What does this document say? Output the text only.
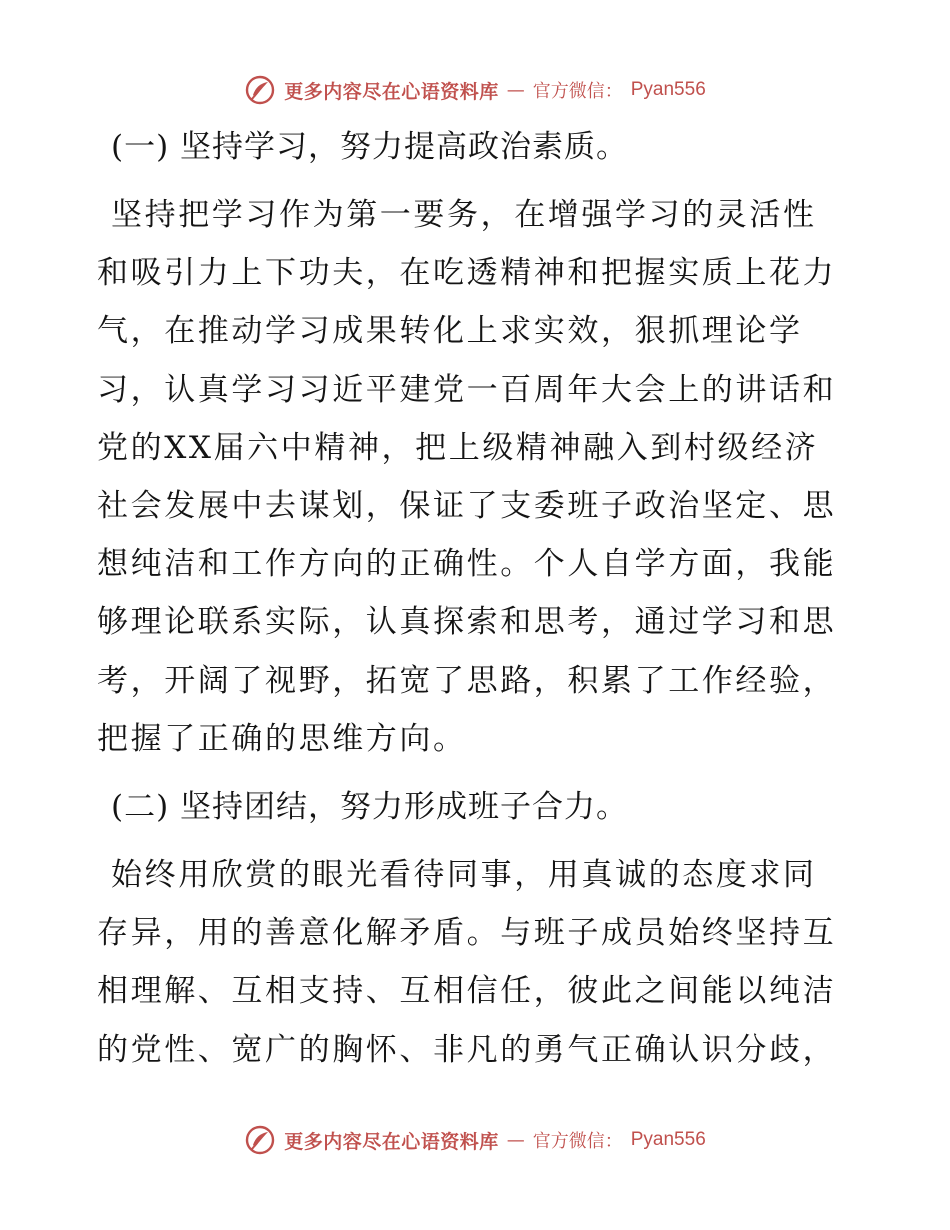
更多内容尽在心语资料库 — 官方微信： Pyan556
(一) 坚持学习，努力提高政治素质。

坚持把学习作为第一要务，在增强学习的灵活性
和吸引力上下功夫，在吃透精神和把握实质上花力
气，在推动学习成果转化上求实效，狠抓理论学
习，认真学习习近平建党一百周年大会上的讲话和
党的XX届六中精神，把上级精神融入到村级经济
社会发展中去谋划，保证了支委班子政治坚定、思
想纯洁和工作方向的正确性。个人自学方面，我能
够理论联系实际，认真探索和思考，通过学习和思
考，开阔了视野，拓宽了思路，积累了工作经验，
把握了正确的思维方向。

(二) 坚持团结，努力形成班子合力。

始终用欣赏的眼光看待同事，用真诚的态度求同
存异，用的善意化解矛盾。与班子成员始终坚持互
相理解、互相支持、互相信任，彼此之间能以纯洁
的党性、宽广的胸怀、非凡的勇气正确认识分歧，

更多内容尽在心语资料库 — 官方微信： Pyan556
